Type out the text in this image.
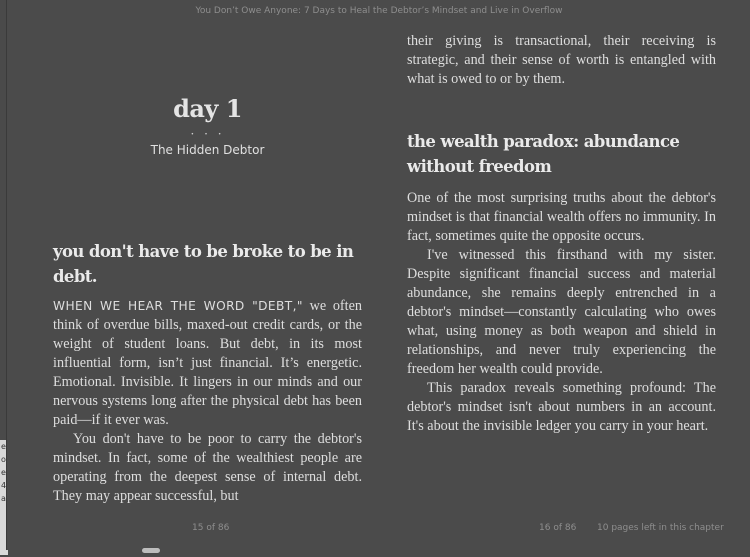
e
o
e
4
a
You Don’t Owe Anyone: 7 Days to Heal the Debtor’s Mindset and Live in Overflow
day 1
· · ·
The Hidden Debtor
you don't have to be broke to be in debt.

WHEN WE HEAR THE WORD "DEBT," we often think of overdue bills, maxed-out credit cards, or the weight of student loans. But debt, in its most influential form, isn’t just financial. It’s energetic. Emotional. Invisible. It lingers in our minds and our nervous systems long after the physical debt has been paid—if it ever was.

You don't have to be poor to carry the debtor's mindset. In fact, some of the wealthiest people are operating from the deepest sense of internal debt. They may appear successful, but

15 of 86

their giving is transactional, their receiving is strategic, and their sense of worth is entangled with what is owed to or by them.

the wealth paradox: abundance without freedom

One of the most surprising truths about the debtor's mindset is that financial wealth offers no immunity. In fact, sometimes quite the opposite occurs.

I've witnessed this firsthand with my sister. Despite significant financial success and material abundance, she remains deeply entrenched in a debtor's mindset—constantly calculating who owes what, using money as both weapon and shield in relationships, and never truly experiencing the freedom her wealth could provide.

This paradox reveals something profound: The debtor's mindset isn't about numbers in an account. It's about the invisible ledger you carry in your heart.

16 of 86 10 pages left in this chapter
